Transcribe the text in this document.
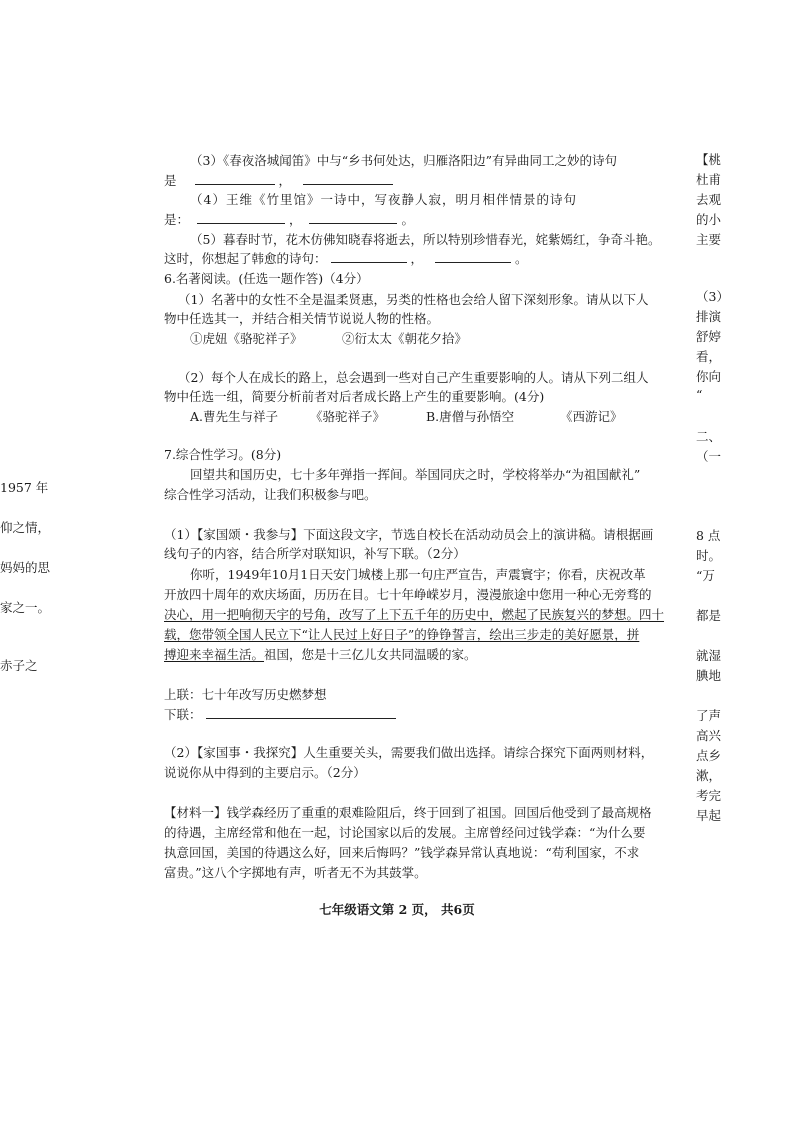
（3）《春夜洛城闻笛》中与“乡书何处达，归雁洛阳边”有异曲同工之妙的诗句
是	，
（4）王维《竹里馆》一诗中，写夜静人寂，明月相伴情景的诗句
是：	，	。
（5）暮春时节，花木仿佛知晓春将逝去，所以特别珍惜春光，姹紫嫣红，争奇斗艳。
这时，你想起了韩愈的诗句：	，	。
6.名著阅读。(任选一题作答)（4分）
（1）名著中的女性不全是温柔贤惠，另类的性格也会给人留下深刻形象。请从以下人
物中任选其一，并结合相关情节说说人物的性格。
①虎妞《骆驼祥子》	②衍太太《朝花夕拾》
（2）每个人在成长的路上，总会遇到一些对自己产生重要影响的人。请从下列二组人
物中任选一组，简要分析前者对后者成长路上产生的重要影响。(4分)
A.曹先生与祥子	《骆驼祥子》	B.唐僧与孙悟空	《西游记》
7.综合性学习。(8分)
回望共和国历史，七十多年弹指一挥间。举国同庆之时，学校将举办“为祖国献礼”
综合性学习活动，让我们积极参与吧。
（1）【家国颂・我参与】下面这段文字，节选自校长在活动动员会上的演讲稿。请根据画
线句子的内容，结合所学对联知识，补写下联。（2分）
你听，1949年10月1日天安门城楼上那一句庄严宣告，声震寰宇；你看，庆祝改革
开放四十周年的欢庆场面，历历在目。七十年峥嵘岁月，漫漫旅途中您用一种心无旁骛的
决心，用一把响彻天宇的号角，改写了上下五千年的历史中，燃起了民族复兴的梦想。四十
载，您带领全国人民立下“让人民过上好日子”的铮铮誓言，绘出三步走的美好愿景，拼
搏迎来幸福生活。祖国，您是十三亿儿女共同温暖的家。
上联：七十年改写历史燃梦想
下联：
（2）【家国事・我探究】人生重要关头，需要我们做出选择。请综合探究下面两则材料，
说说你从中得到的主要启示。（2分）
【材料一】钱学森经历了重重的艰难险阻后，终于回到了祖国。回国后他受到了最高规格
的待遇，主席经常和他在一起，讨论国家以后的发展。主席曾经问过钱学森：“为什么要
执意回国，美国的待遇这么好，回来后悔吗？”钱学森异常认真地说：“苟利国家，不求
富贵。”这八个字掷地有声，听者无不为其鼓掌。
七年级语文第 2 页， 共6页
【桃
杜甫
去观
的小
主要
（3）
排演
舒婷
看，
你向
“
二、
（一
8 点
时。
“万
都是
就湿
腆地
了声
高兴
点乡
漱，
考完
早起
1957 年
仰之情，
妈妈的思
家之一。
赤子之
